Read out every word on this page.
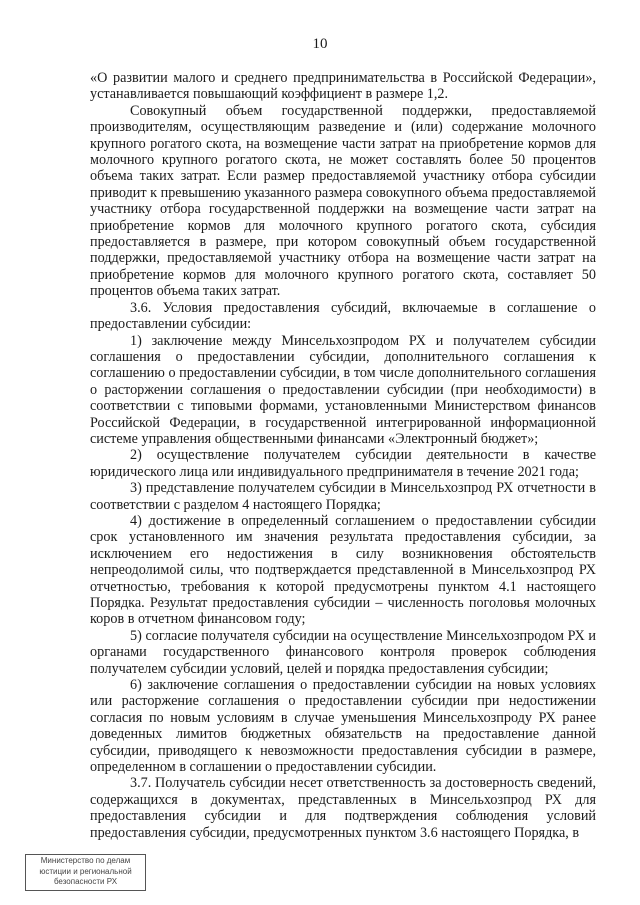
10

«О развитии малого и среднего предпринимательства в Российской Федерации», устанавливается повышающий коэффициент в размере 1,2.

Совокупный объем государственной поддержки, предоставляемой производителям, осуществляющим разведение и (или) содержание молочного крупного рогатого скота, на возмещение части затрат на приобретение кормов для молочного крупного рогатого скота, не может составлять более 50 процентов объема таких затрат. Если размер предоставляемой участнику отбора субсидии приводит к превышению указанного размера совокупного объема предоставляемой участнику отбора государственной поддержки на возмещение части затрат на приобретение кормов для молочного крупного рогатого скота, субсидия предоставляется в размере, при котором совокупный объем государственной поддержки, предоставляемой участнику отбора на возмещение части затрат на приобретение кормов для молочного крупного рогатого скота, составляет 50 процентов объема таких затрат.

3.6. Условия предоставления субсидий, включаемые в соглашение о предоставлении субсидии:

1) заключение между Минсельхозпродом РХ и получателем субсидии соглашения о предоставлении субсидии, дополнительного соглашения к соглашению о предоставлении субсидии, в том числе дополнительного соглашения о расторжении соглашения о предоставлении субсидии (при необходимости) в соответствии с типовыми формами, установленными Министерством финансов Российской Федерации, в государственной интегрированной информационной системе управления общественными финансами «Электронный бюджет»;

2) осуществление получателем субсидии деятельности в качестве юридического лица или индивидуального предпринимателя в течение 2021 года;

3) представление получателем субсидии в Минсельхозпрод РХ отчетности в соответствии с разделом 4 настоящего Порядка;

4) достижение в определенный соглашением о предоставлении субсидии срок установленного им значения результата предоставления субсидии, за исключением его недостижения в силу возникновения обстоятельств непреодолимой силы, что подтверждается представленной в Минсельхозпрод РХ отчетностью, требования к которой предусмотрены пунктом 4.1 настоящего Порядка. Результат предоставления субсидии – численность поголовья молочных коров в отчетном финансовом году;

5) согласие получателя субсидии на осуществление Минсельхозпродом РХ и органами государственного финансового контроля проверок соблюдения получателем субсидии условий, целей и порядка предоставления субсидии;

6) заключение соглашения о предоставлении субсидии на новых условиях или расторжение соглашения о предоставлении субсидии при недостижении согласия по новым условиям в случае уменьшения Минсельхозпроду РХ ранее доведенных лимитов бюджетных обязательств на предоставление данной субсидии, приводящего к невозможности предоставления субсидии в размере, определенном в соглашении о предоставлении субсидии.

3.7. Получатель субсидии несет ответственность за достоверность сведений, содержащихся в документах, представленных в Минсельхозпрод РХ для предоставления субсидии и для подтверждения соблюдения условий предоставления субсидии, предусмотренных пунктом 3.6 настоящего Порядка, в

Министерство по делам
юстиции и региональной
безопасности РХ
